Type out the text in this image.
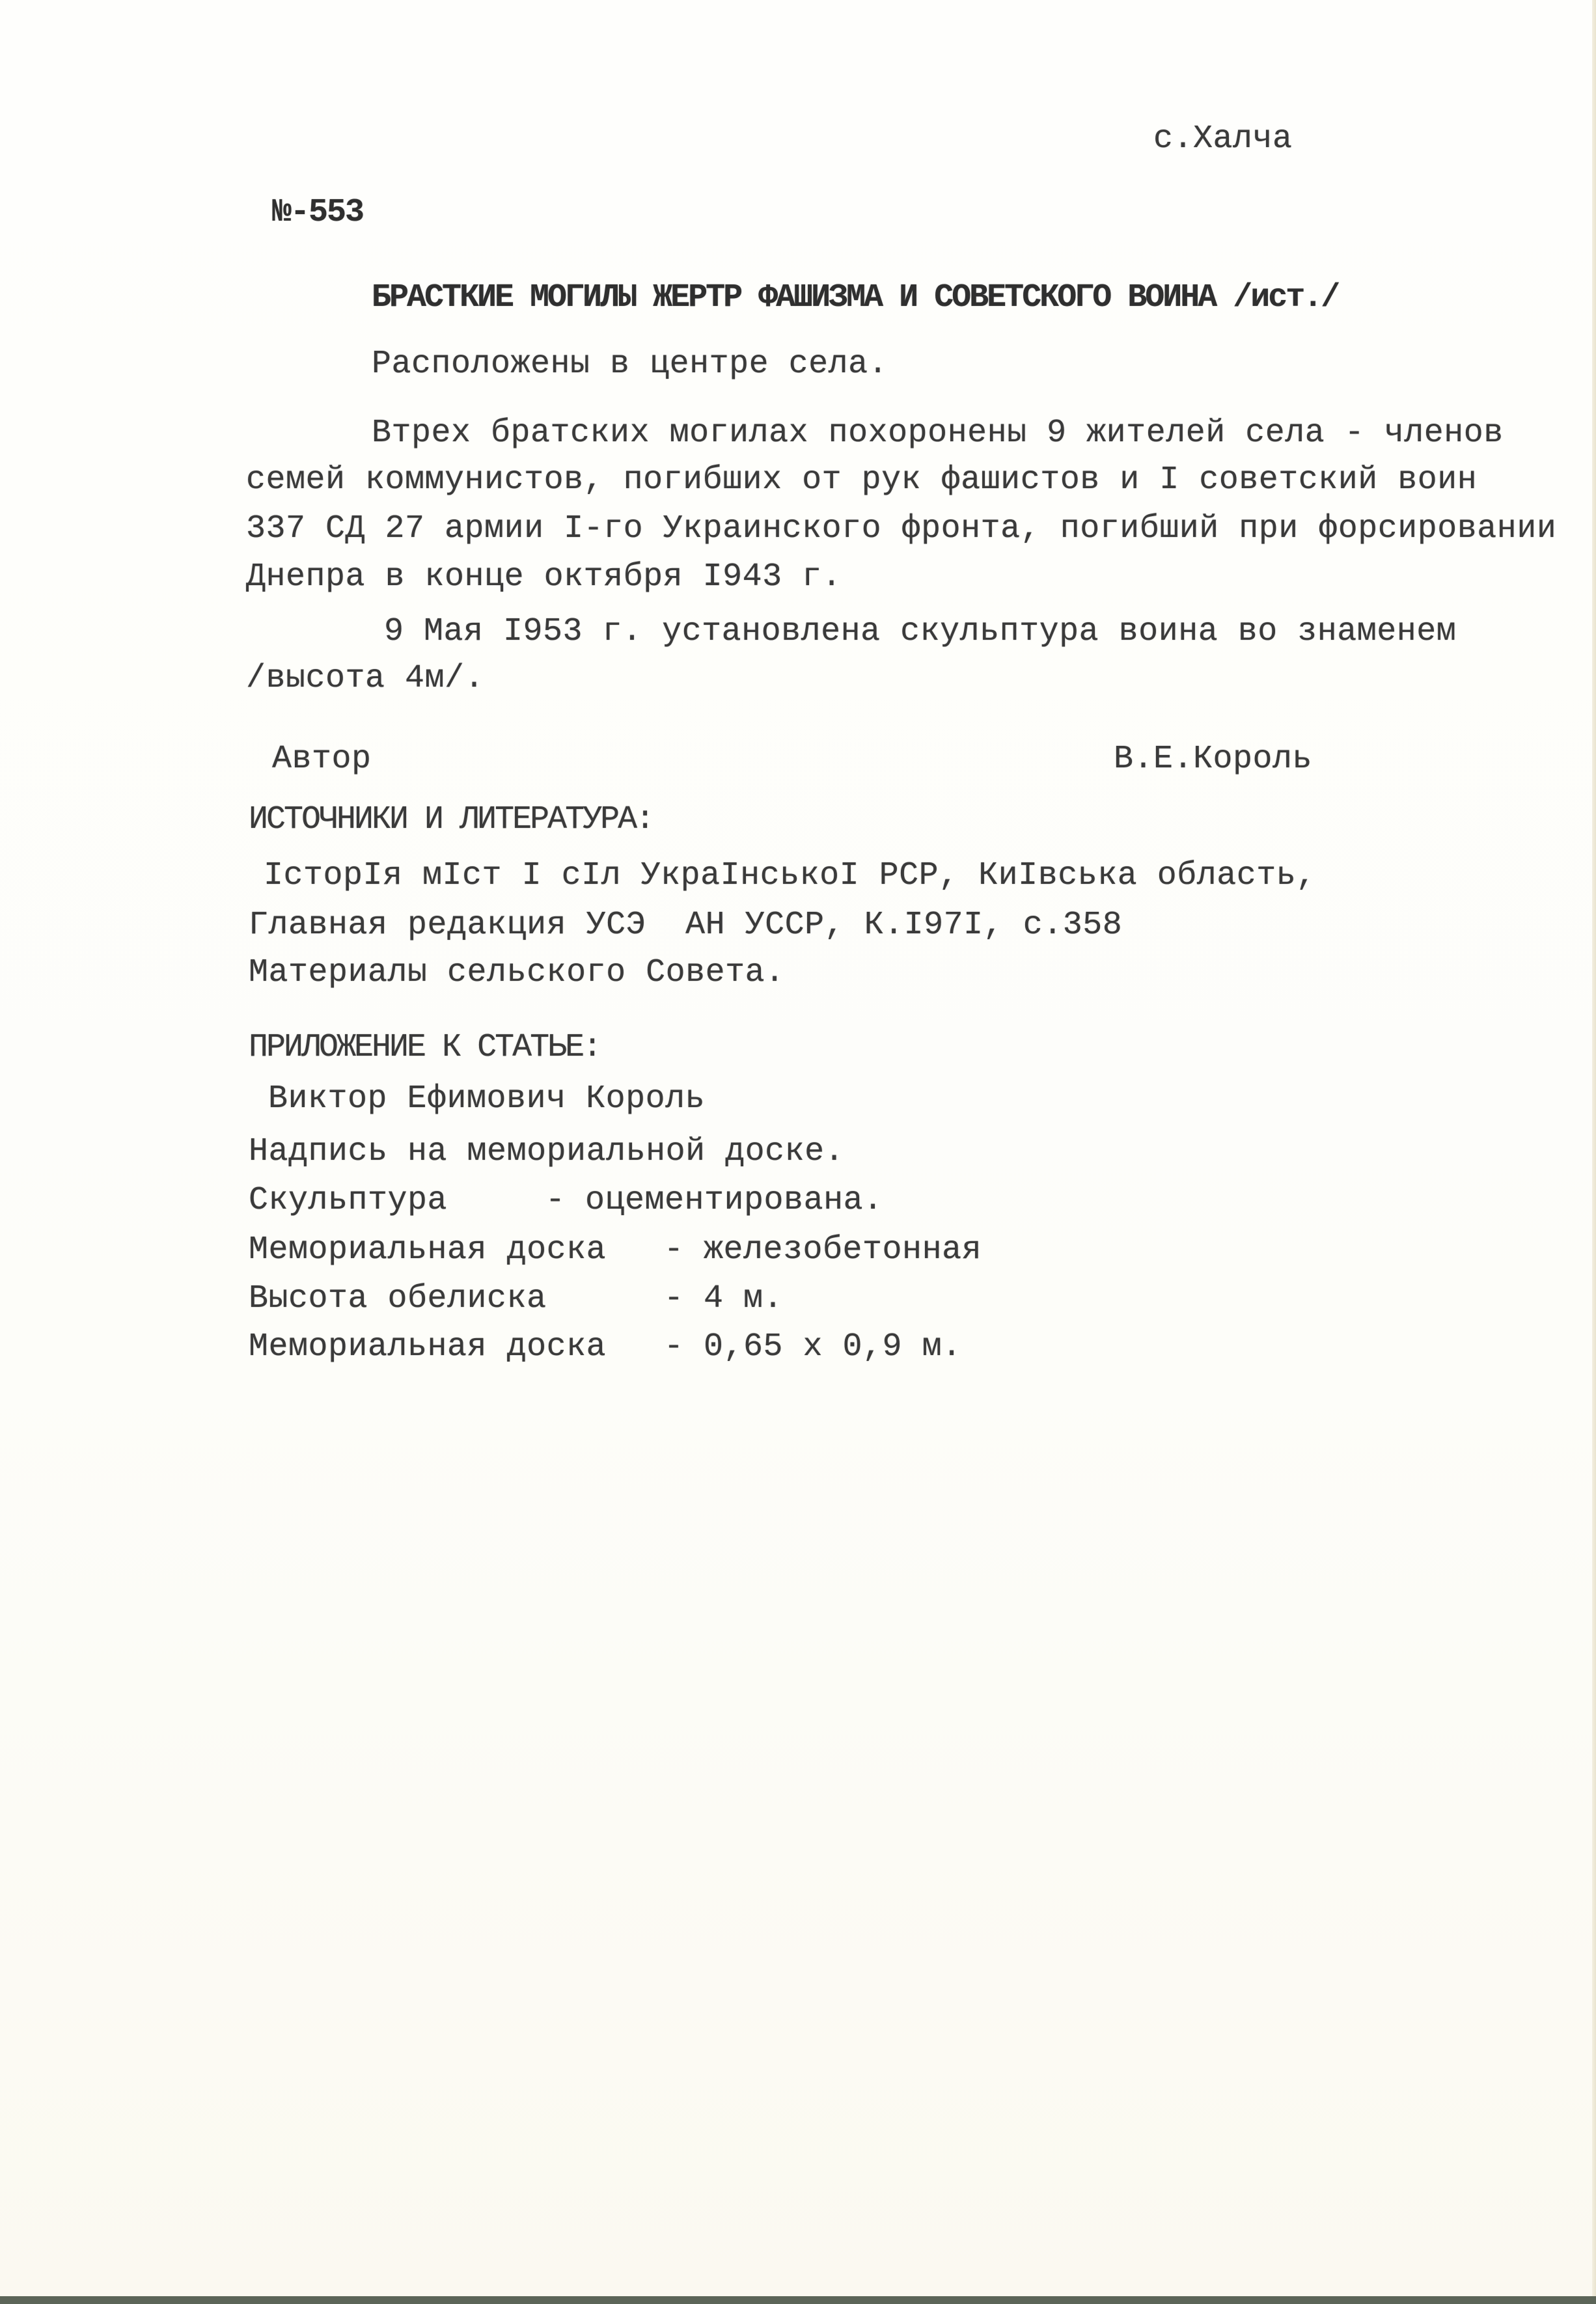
с.Халча
№-553
БРАСТКИЕ МОГИЛЫ ЖЕРТР ФАШИЗМА И СОВЕТСКОГО ВОИНА /ист./
Расположены в центре села.
Втрех братских могилах похоронены 9 жителей села - членов
семей коммунистов, погибших от рук фашистов и I советский воин
337 СД 27 армии I-го Украинского фронта, погибший при форсировании
Днепра в конце октября I943 г.
9 Мая I953 г. установлена скульптура воина во знаменем
/высота 4м/.
Автор	В.Е.Король
ИСТОЧНИКИ И ЛИТЕРАТУРА:
IсторIя мIст I сIл УкраIнськоI РСР, КиIвська область,
Главная редакция УСЭ  АН УССР, К.I97I, с.358
Материалы сельского Совета.
ПРИЛОЖЕНИЕ К СТАТЬЕ:
Виктор Ефимович Король
Надпись на мемориальной доске.
Скульптура	- оцементирована.
Мемориальная доска - железобетонная
Высота обелиска	- 4 м.
Мемориальная доска - 0,65 х 0,9 м.
